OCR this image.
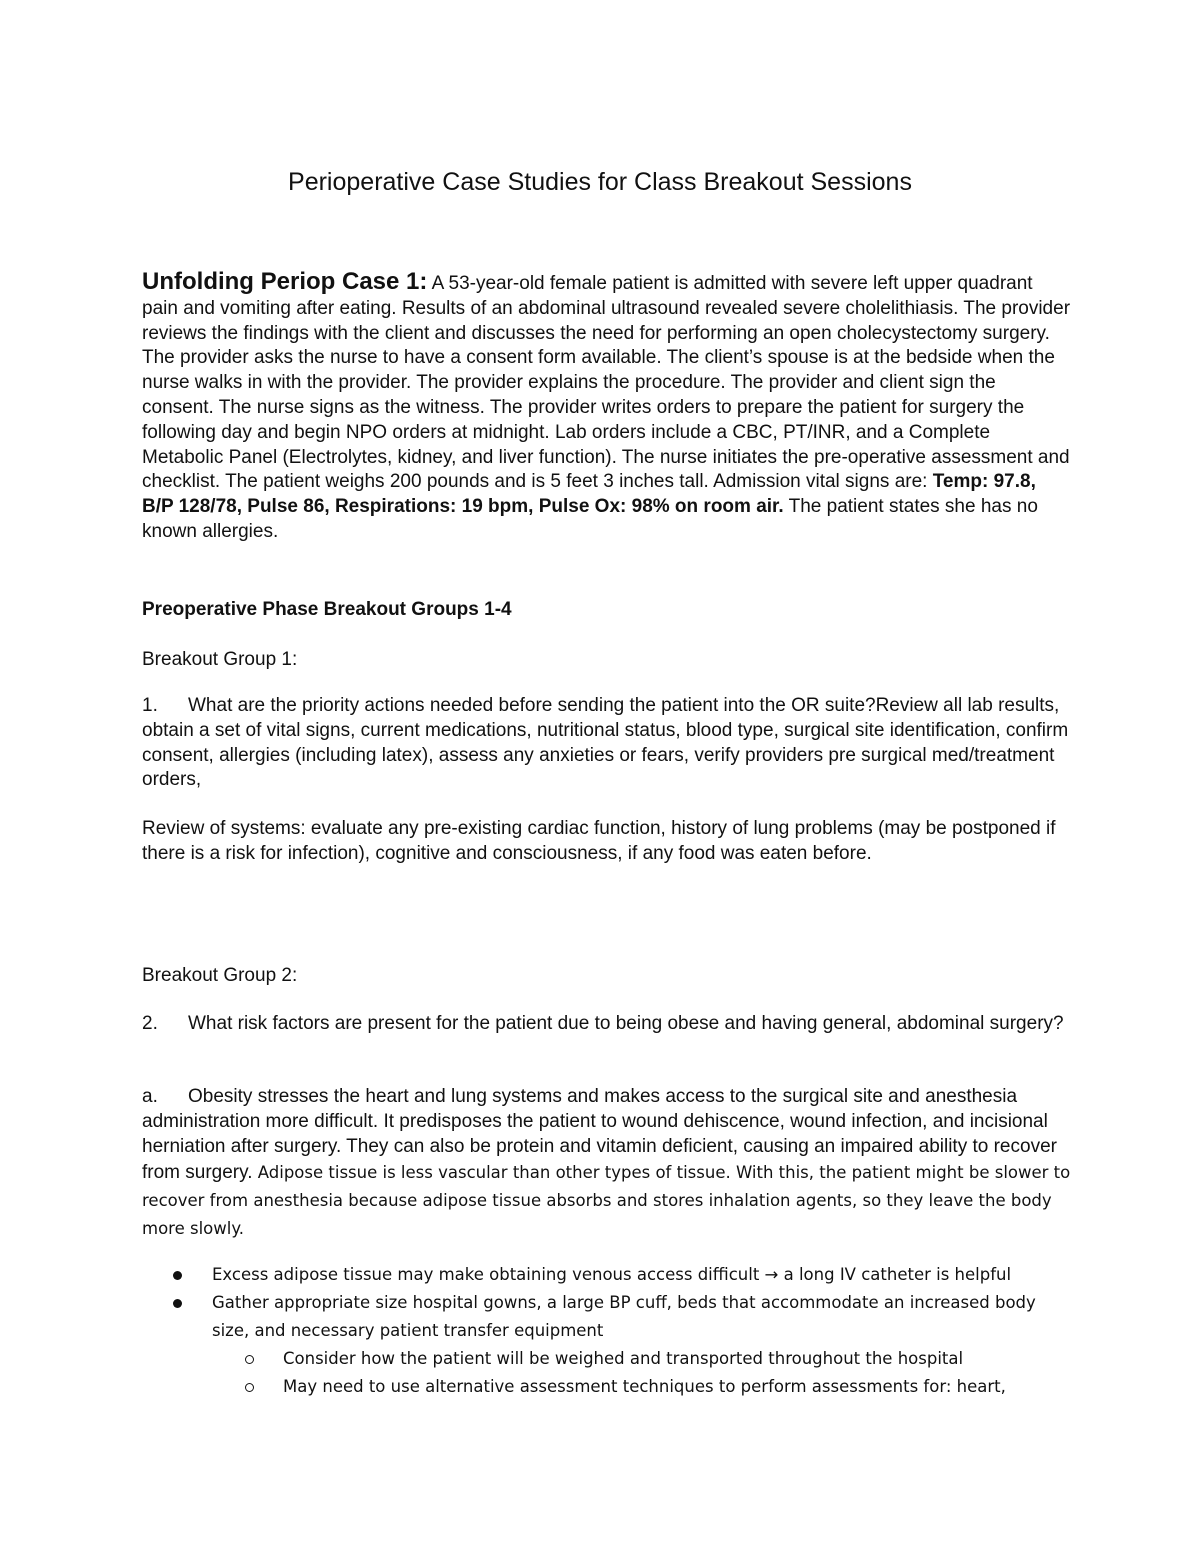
Perioperative Case Studies for Class Breakout Sessions

Unfolding Periop Case 1: A 53-year-old female patient is admitted with severe left upper quadrant pain and vomiting after eating. Results of an abdominal ultrasound revealed severe cholelithiasis. The provider reviews the findings with the client and discusses the need for performing an open cholecystectomy surgery. The provider asks the nurse to have a consent form available. The client’s spouse is at the bedside when the nurse walks in with the provider. The provider explains the procedure. The provider and client sign the consent. The nurse signs as the witness. The provider writes orders to prepare the patient for surgery the following day and begin NPO orders at midnight. Lab orders include a CBC, PT/INR, and a Complete Metabolic Panel (Electrolytes, kidney, and liver function). The nurse initiates the pre-operative assessment and checklist. The patient weighs 200 pounds and is 5 feet 3 inches tall. Admission vital signs are: Temp: 97.8, B/P 128/78, Pulse 86, Respirations: 19 bpm, Pulse Ox: 98% on room air. The patient states she has no known allergies.

Preoperative Phase Breakout Groups 1-4

Breakout Group 1:

1. What are the priority actions needed before sending the patient into the OR suite?Review all lab results, obtain a set of vital signs, current medications, nutritional status, blood type, surgical site identification, confirm consent, allergies (including latex), assess any anxieties or fears, verify providers pre surgical med/treatment orders,

Review of systems: evaluate any pre-existing cardiac function, history of lung problems (may be postponed if there is a risk for infection), cognitive and consciousness, if any food was eaten before.

Breakout Group 2:

2. What risk factors are present for the patient due to being obese and having general, abdominal surgery?

a. Obesity stresses the heart and lung systems and makes access to the surgical site and anesthesia administration more difficult. It predisposes the patient to wound dehiscence, wound infection, and incisional herniation after surgery. They can also be protein and vitamin deficient, causing an impaired ability to recover from surgery. Adipose tissue is less vascular than other types of tissue. With this, the patient might be slower to recover from anesthesia because adipose tissue absorbs and stores inhalation agents, so they leave the body more slowly.

Excess adipose tissue may make obtaining venous access difficult → a long IV catheter is helpful
Gather appropriate size hospital gowns, a large BP cuff, beds that accommodate an increased body size, and necessary patient transfer equipment
Consider how the patient will be weighed and transported throughout the hospital
May need to use alternative assessment techniques to perform assessments for: heart,
